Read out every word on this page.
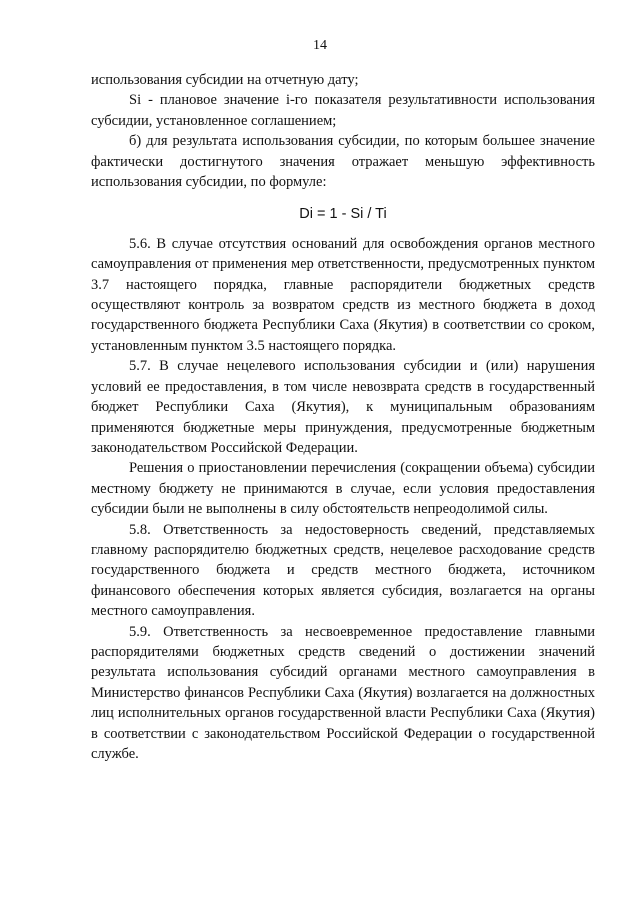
14

использования субсидии на отчетную дату;

Si - плановое значение i-го показателя результативности использования субсидии, установленное соглашением;

б) для результата использования субсидии, по которым большее значение фактически достигнутого значения отражает меньшую эффективность использования субсидии, по формуле:

Di = 1 - Si / Ti

5.6. В случае отсутствия оснований для освобождения органов местного самоуправления от применения мер ответственности, предусмотренных пунктом 3.7 настоящего порядка, главные распорядители бюджетных средств осуществляют контроль за возвратом средств из местного бюджета в доход государственного бюджета Республики Саха (Якутия) в соответствии со сроком, установленным пунктом 3.5 настоящего порядка.

5.7. В случае нецелевого использования субсидии и (или) нарушения условий ее предоставления, в том числе невозврата средств в государственный бюджет Республики Саха (Якутия), к муниципальным образованиям применяются бюджетные меры принуждения, предусмотренные бюджетным законодательством Российской Федерации.

Решения о приостановлении перечисления (сокращении объема) субсидии местному бюджету не принимаются в случае, если условия предоставления субсидии были не выполнены в силу обстоятельств непреодолимой силы.

5.8. Ответственность за недостоверность сведений, представляемых главному распорядителю бюджетных средств, нецелевое расходование средств государственного бюджета и средств местного бюджета, источником финансового обеспечения которых является субсидия, возлагается на органы местного самоуправления.

5.9. Ответственность за несвоевременное предоставление главными распорядителями бюджетных средств сведений о достижении значений результата использования субсидий органами местного самоуправления в Министерство финансов Республики Саха (Якутия) возлагается на должностных лиц исполнительных органов государственной власти Республики Саха (Якутия) в соответствии с законодательством Российской Федерации о государственной службе.
